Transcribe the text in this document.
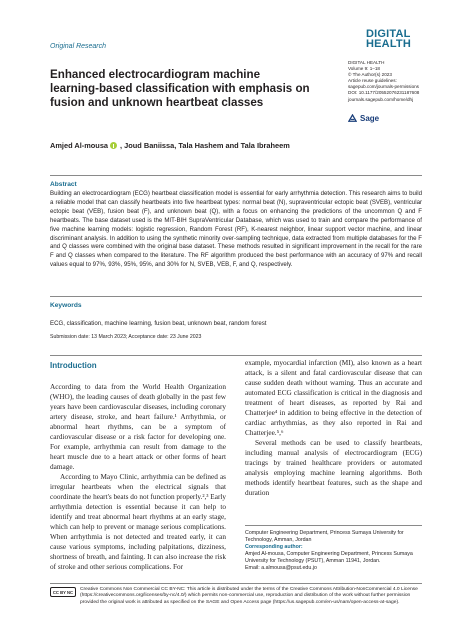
Original Research
DIGITAL
HEALTH
DIGITAL HEALTH
Volume 9: 1–18
© The Author(s) 2023
Article reuse guidelines:
sagepub.com/journals-permissions
DOI: 10.1177/20552076231187608
journals.sagepub.com/home/dhj
Sage
Enhanced electrocardiogram machine learning-based classification with emphasis on fusion and unknown heartbeat classes
Amjed Al-mousa , Joud Baniissa, Tala Hashem and Tala Ibraheem
Abstract
Building an electrocardiogram (ECG) heartbeat classification model is essential for early arrhythmia detection. This research aims to build a reliable model that can classify heartbeats into five heartbeat types: normal beat (N), supraventricular ectopic beat (SVEB), ventricular ectopic beat (VEB), fusion beat (F), and unknown beat (Q), with a focus on enhancing the predictions of the uncommon Q and F heartbeats. The base dataset used is the MIT-BIH SupraVentricular Database, which was used to train and compare the performance of five machine learning models: logistic regression, Random Forest (RF), K-nearest neighbor, linear support vector machine, and linear discriminant analysis. In addition to using the synthetic minority over-sampling technique, data extracted from multiple databases for the F and Q classes were combined with the original base dataset. These methods resulted in significant improvement in the recall for the rare F and Q classes when compared to the literature. The RF algorithm produced the best performance with an accuracy of 97% and recall values equal to 97%, 93%, 95%, 95%, and 30% for N, SVEB, VEB, F, and Q, respectively.
Keywords
ECG, classification, machine learning, fusion beat, unknown beat, random forest
Submission date: 13 March 2023; Acceptance date: 23 June 2023
Introduction

According to data from the World Health Organization (WHO), the leading causes of death globally in the past few years have been cardiovascular diseases, including coronary artery disease, stroke, and heart failure.¹ Arrhythmia, or abnormal heart rhythms, can be a symptom of cardiovascular disease or a risk factor for developing one. For example, arrhythmia can result from damage to the heart muscle due to a heart attack or other forms of heart damage.

According to Mayo Clinic, arrhythmia can be defined as irregular heartbeats when the electrical signals that coordinate the heart's beats do not function properly.²,³ Early arrhythmia detection is essential because it can help to identify and treat abnormal heart rhythms at an early stage, which can help to prevent or manage serious complications. When arrhythmia is not detected and treated early, it can cause various symptoms, including palpitations, dizziness, shortness of breath, and fainting. It can also increase the risk of stroke and other serious complications. For

example, myocardial infarction (MI), also known as a heart attack, is a silent and fatal cardiovascular disease that can cause sudden death without warning. Thus an accurate and automated ECG classification is critical in the diagnosis and treatment of heart diseases, as reported by Rai and Chatterjee⁴ in addition to being effective in the detection of cardiac arrhythmias, as they also reported in Rai and Chatterjee.⁵,⁶

Several methods can be used to classify heartbeats, including manual analysis of electrocardiogram (ECG) tracings by trained healthcare providers or automated analysis employing machine learning algorithms. Both methods identify heartbeat features, such as the shape and duration

Computer Engineering Department, Princess Sumaya University for Technology, Amman, Jordan
Corresponding author:
Amjed Al-mousa, Computer Engineering Department, Princess Sumaya University for Technology (PSUT), Amman 11941, Jordan.
Email: a.almousa@psut.edu.jo
CC BY NC Creative Commons Non Commercial CC BY-NC: This article is distributed under the terms of the Creative Commons Attribution-NonCommercial 4.0 License (https://creativecommons.org/licenses/by-nc/4.0/) which permits non-commercial use, reproduction and distribution of the work without further permission provided the original work is attributed as specified on the SAGE and Open Access page (https://us.sagepub.com/en-us/nam/open-access-at-sage).
